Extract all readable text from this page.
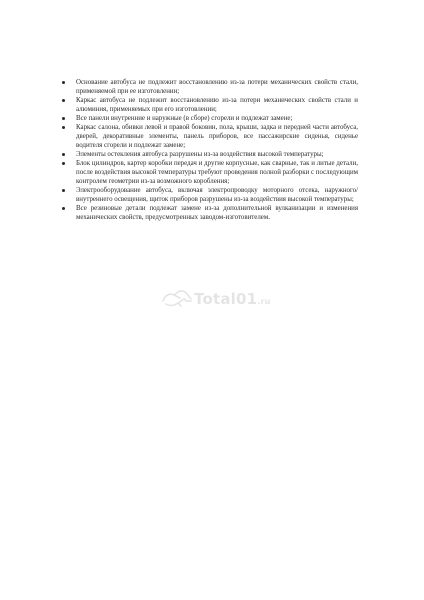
Основание автобуса не подлежит восстановлению из-за потери механических свойств стали, применяемой при ее изготовлении;
Каркас автобуса не подлежит восстановлению из-за потери механических свойств стали и алюминия, применяемых при его изготовлении;
Все панели внутренние и наружные (в сборе) сгорели и подлежат замене;
Каркас салона, обивки левой и правой боковин, пола, крыши, задка и передней части автобуса, дверей, декоративные элементы, панель приборов, все пассажирские сиденья, сиденье водителя сгорели и подлежат замене;
Элементы остекления автобуса разрушены из-за воздействия высокой температуры;
Блок цилиндров, картер коробки передач и другие корпусные, как сварные, так и литые детали, после воздействия высокой температуры требуют проведения полной разборки с последующим контролем геометрии из-за возможного коробления;
Электрооборудование автобуса, включая электропроводку моторного отсека, наружного/внутреннего освещения, щиток приборов разрушены из-за воздействия высокой температуры;
Все резиновые детали подлежат замене из-за дополнительной вулканизации и изменения механических свойств, предусмотренных заводом-изготовителем.
Total01.ru
